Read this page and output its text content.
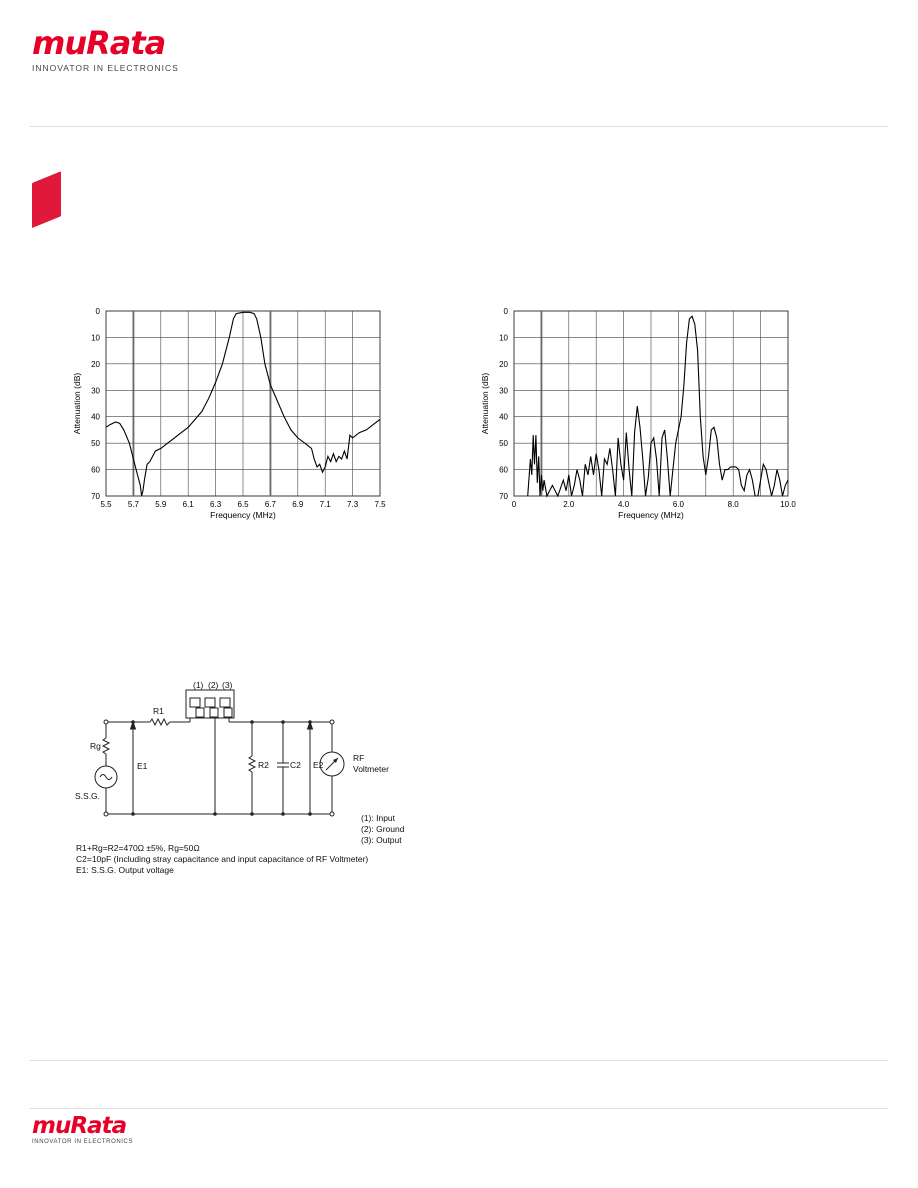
muRata
INNOVATOR IN ELECTRONICS
5.5 5.7 5.9 6.1 6.3 6.5 6.7 6.9 7.1 7.3 7.5
0
10
20
30
40
50
60
70
Frequency (MHz)
Attenuation (dB)
0	2.0	4.0	6.0	8.0	10.0
0
10
20
30
40
50
60
70
Frequency (MHz)
Attenuation (dB)
(1) (2) (3)
R1
Rg
S.S.G.
E1	R2 C2 E2
RF
Voltmeter
(1): Input
(2): Ground
(3): Output
R1+Rg=R2=470Ω ±5%, Rg=50Ω
C2=10pF (Including stray capacitance and input capacitance of RF Voltmeter)
E1: S.S.G. Output voltage
muRata
INNOVATOR IN ELECTRONICS
